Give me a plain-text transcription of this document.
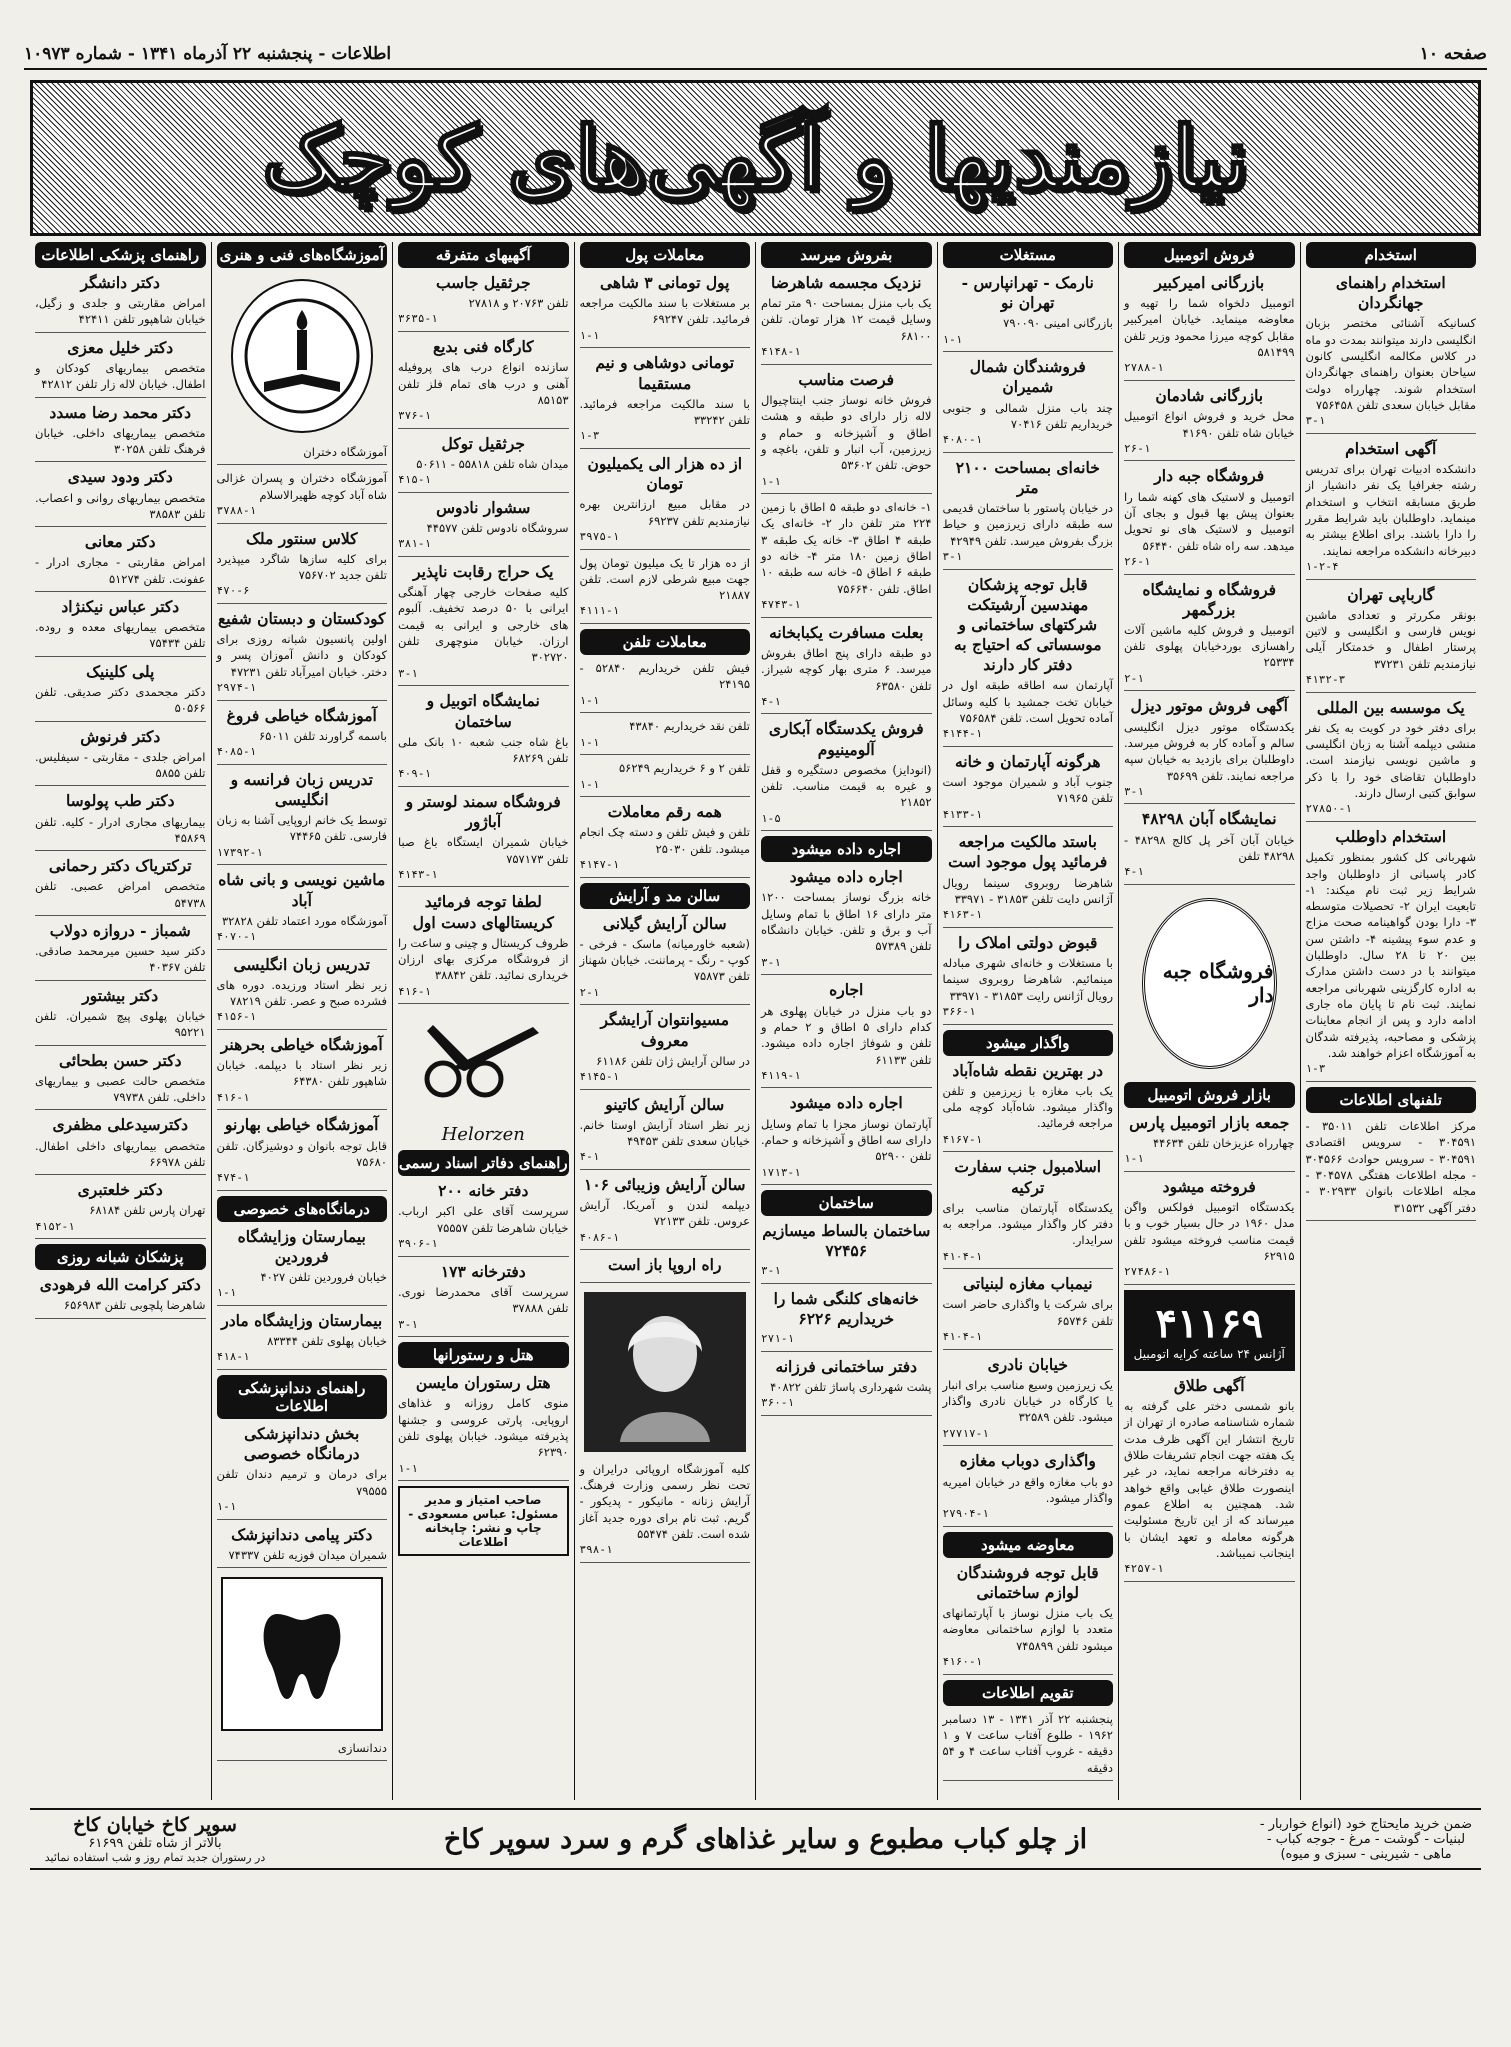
صفحه ۱۰
اطلاعات - پنجشنبه ۲۲ آذرماه ۱۳۴۱ - شماره ۱۰۹۷۳
نیازمندیها و آگهی‌های کوچک
استخدام
استخدام راهنمای جهانگردان
کسانیکه آشنائی مختصر بزبان انگلیسی دارند میتوانند بمدت دو ماه در کلاس مکالمه انگلیسی کانون سیاحان بعنوان راهنمای جهانگردان استخدام شوند. چهارراه دولت مقابل خیابان سعدی تلفن ۷۵۶۴۵۸
۳-۱
آگهی استخدام
دانشکده ادبیات تهران برای تدریس رشته جغرافیا یک نفر دانشیار از طریق مسابقه انتخاب و استخدام مینماید. داوطلبان باید شرایط مقرر را دارا باشند. برای اطلاع بیشتر به دبیرخانه دانشکده مراجعه نمایند.
۱-۲-۴
گارباپی تهران
بونقر مکررتر و تعدادی ماشین نویس فارسی و انگلیسی و لاتین پرستار اطفال و خدمتکار آیلی نیازمندیم تلفن ۳۷۲۳۱
۴۱۳۲-۳
یک موسسه بین المللی
برای دفتر خود در کویت به یک نفر منشی دیپلمه آشنا به زبان انگلیسی و ماشین نویسی نیازمند است. داوطلبان تقاضای خود را با ذکر سوابق کتبی ارسال دارند.
۲۷۸۵۰-۱
استخدام داوطلب
شهربانی کل کشور بمنظور تکمیل کادر پاسبانی از داوطلبان واجد شرایط زیر ثبت نام میکند: ۱- تابعیت ایران ۲- تحصیلات متوسطه ۳- دارا بودن گواهینامه صحت مزاج و عدم سوء پیشینه ۴- داشتن سن بین ۲۰ تا ۲۸ سال. داوطلبان میتوانند با در دست داشتن مدارک به اداره کارگزینی شهربانی مراجعه نمایند. ثبت نام تا پایان ماه جاری ادامه دارد و پس از انجام معاینات پزشکی و مصاحبه، پذیرفته شدگان به آموزشگاه اعزام خواهند شد.
۱-۳
تلفنهای اطلاعات
مرکز اطلاعات تلفن ۳۵۰۱۱ - ۳۰۴۵۹۱ - سرویس اقتصادی ۳۰۴۵۹۱ - سرویس حوادث ۳۰۴۵۶۶ - مجله اطلاعات هفتگی ۳۰۴۵۷۸ - مجله اطلاعات بانوان ۳۰۲۹۳۳ - دفتر آگهی ۳۱۵۳۲
فروش اتومبیل
بازرگانی امیرکبیر
اتومبیل دلخواه شما را تهیه و معاوضه مینماید. خیابان امیرکبیر مقابل کوچه میرزا محمود وزیر تلفن ۵۸۱۴۹۹
۲۷۸۸-۱
بازرگانی شادمان
محل خرید و فروش انواع اتومبیل خیابان شاه تلفن ۴۱۶۹۰
۲۶-۱
فروشگاه جبه دار
اتومبیل و لاستیک های کهنه شما را بعنوان پیش بها قبول و بجای آن اتومبیل و لاستیک های نو تحویل میدهد. سه راه شاه تلفن ۵۶۴۴۰
۲۶-۱
فروشگاه و نمایشگاه بزرگمهر
اتومبیل و فروش کلیه ماشین آلات راهسازی بوردخیابان پهلوی تلفن ۲۵۳۳۴
۲-۱
آگهی فروش موتور دیزل
یکدستگاه موتور دیزل انگلیسی سالم و آماده کار به فروش میرسد. داوطلبان برای بازدید به خیابان سپه مراجعه نمایند. تلفن ۳۵۶۹۹
۳-۱
نمایشگاه آبان ۴۸۲۹۸
خیابان آبان آخر پل کالج ۴۸۲۹۸ - ۴۸۲۹۸ تلفن
۴-۱
فروشگاه جبه دار
بازار فروش اتومبیل
جمعه بازار اتومبیل پارس
چهارراه عزیزخان تلفن ۴۴۶۳۴
۱-۱
فروخته میشود
یکدستگاه اتومبیل فولکس واگن مدل ۱۹۶۰ در حال بسیار خوب و با قیمت مناسب فروخته میشود تلفن ۶۲۹۱۵
۲۷۴۸۶-۱
۴۱۱۶۹
آژانس ۲۴ ساعته کرایه اتومبیل
آگهی طلاق
بانو شمسی دختر علی گرفته به شماره شناسنامه صادره از تهران از تاریخ انتشار این آگهی ظرف مدت یک هفته جهت انجام تشریفات طلاق به دفترخانه مراجعه نماید، در غیر اینصورت طلاق غیابی واقع خواهد شد. همچنین به اطلاع عموم میرساند که از این تاریخ مسئولیت هرگونه معامله و تعهد ایشان با اینجانب نمیباشد.
۴۲۵۷-۱
مستغلات
نارمک - تهرانپارس - تهران نو
بازرگانی امینی ۷۹۰۰۹۰
۱-۱
فروشندگان شمال شمیران
چند باب منزل شمالی و جنوبی خریداریم تلفن ۷۰۴۱۶
۴۰۸۰-۱
خانه‌ای بمساحت ۲۱۰۰ متر
در خیابان پاستور با ساختمان قدیمی سه طبقه دارای زیرزمین و حیاط بزرگ بفروش میرسد. تلفن ۴۲۹۴۹
۳-۱
قابل توجه پزشکان مهندسین آرشیتکت شرکتهای ساختمانی و موسساتی که احتیاج به دفتر کار دارند
آپارتمان سه اطاقه طبقه اول در خیابان تخت جمشید با کلیه وسائل آماده تحویل است. تلفن ۷۵۶۵۸۴
۴۱۴۴-۱
هرگونه آپارتمان و خانه
جنوب آباد و شمیران موجود است تلفن ۷۱۹۶۵
۴۱۳۳-۱
باستد مالکیت مراجعه فرمائید پول موجود است
شاهرضا روبروی سینما رویال آژانس دایت تلفن ۳۱۸۵۳ - ۳۳۹۷۱
۴۱۶۳-۱
قبوض دولتی املاک را
با مستغلات و خانه‌ای شهری مبادله مینمائیم. شاهرضا روبروی سینما رویال آژانس رایت ۳۱۸۵۳ - ۳۳۹۷۱
۳۶۶-۱
واگذار میشود
در بهترین نقطه شاه‌آباد
یک باب مغازه با زیرزمین و تلفن واگذار میشود. شاه‌آباد کوچه ملی مراجعه فرمائید.
۴۱۶۷-۱
اسلامبول جنب سفارت ترکیه
یکدستگاه آپارتمان مناسب برای دفتر کار واگذار میشود. مراجعه به سرایدار.
۴۱۰۴-۱
نیمباب مغازه لبنیاتی
برای شرکت یا واگذاری حاضر است تلفن ۶۵۷۴۶
۴۱۰۴-۱
خیابان نادری
یک زیرزمین وسیع مناسب برای انبار یا کارگاه در خیابان نادری واگذار میشود. تلفن ۳۲۵۸۹
۲۷۷۱۷-۱
واگذاری دوباب مغازه
دو باب مغازه واقع در خیابان امیریه واگذار میشود.
۲۷۹۰۴-۱
معاوضه میشود
قابل توجه فروشندگان لوازم ساختمانی
یک باب منزل نوساز با آپارتمانهای متعدد با لوازم ساختمانی معاوضه میشود تلفن ۷۴۵۸۹۹
۴۱۶۰-۱
تقویم اطلاعات
پنجشنبه ۲۲ آذر ۱۳۴۱ - ۱۳ دسامبر ۱۹۶۲ - طلوع آفتاب ساعت ۷ و ۱ دقیقه - غروب آفتاب ساعت ۴ و ۵۴ دقیقه
بفروش میرسد
نزدیک مجسمه شاهرضا
یک باب منزل بمساحت ۹۰ متر تمام وسایل قیمت ۱۲ هزار تومان. تلفن ۶۸۱۰۰
۴۱۴۸-۱
فرصت مناسب
فروش خانه نوساز جنب اینتاچیوال لاله زار دارای دو طبقه و هشت اطاق و آشپزخانه و حمام و زیرزمین، آب انبار و تلفن، باغچه و حوض. تلفن ۵۳۶۰۲
۱-۱
۱- خانه‌ای دو طبقه ۵ اطاق با زمین ۲۲۴ متر تلفن دار ۲- خانه‌ای یک طبقه ۴ اطاق ۳- خانه یک طبقه ۳ اطاق زمین ۱۸۰ متر ۴- خانه دو طبقه ۶ اطاق ۵- خانه سه طبقه ۱۰ اطاق. تلفن ۷۵۶۶۴۰
۴۷۴۳-۱
بعلت مسافرت یکبابخانه
دو طبقه دارای پنج اطاق بفروش میرسد. ۶ متری بهار کوچه شیراز. تلفن ۶۳۵۸۰
۴-۱
فروش یکدستگاه آبکاری آلومینیوم
(انودایز) مخصوص دستگیره و قفل و غیره به قیمت مناسب. تلفن ۲۱۸۵۲
۱-۵
اجاره داده میشود
اجاره داده میشود
خانه بزرگ نوساز بمساحت ۱۲۰۰ متر دارای ۱۶ اطاق با تمام وسایل آب و برق و تلفن. خیابان دانشگاه تلفن ۵۷۳۸۹
۳-۱
اجاره
دو باب منزل در خیابان پهلوی هر کدام دارای ۵ اطاق و ۲ حمام و تلفن و شوفاژ اجاره داده میشود. تلفن ۶۱۱۳۳
۴۱۱۹-۱
اجاره داده میشود
آپارتمان نوساز مجزا با تمام وسایل دارای سه اطاق و آشپزخانه و حمام. تلفن ۵۲۹۰۰
۱۷۱۳-۱
ساختمان
ساختمان بالساط میسازیم ۷۲۴۵۶
۳-۱
خانه‌های کلنگی شما را خریداریم ۶۲۲۶
۲۷۱-۱
دفتر ساختمانی فرزانه
پشت شهرداری پاساژ تلفن ۴۰۸۲۲
۳۶۰-۱
معاملات پول
پول تومانی ۳ شاهی
بر مستغلات با سند مالکیت مراجعه فرمائید. تلفن ۶۹۲۴۷
۱-۱
تومانی دوشاهی و نیم مستقیما
با سند مالکیت مراجعه فرمائید. تلفن ۳۳۲۴۲
۱-۳
از ده هزار الی یکمیلیون تومان
در مقابل مبیع ارزانترین بهره نیازمندیم تلفن ۶۹۲۳۷
۳۹۷۵-۱
از ده هزار تا یک میلیون تومان پول جهت مبیع شرطی لازم است. تلفن ۲۱۸۸۷
۴۱۱۱-۱
معاملات تلفن
فیش تلفن خریداریم ۵۲۸۴۰ - ۲۴۱۹۵
۱-۱
تلفن نقد خریداریم ۴۳۸۴۰
۱-۱
تلفن ۲ و ۶ خریداریم ۵۶۲۴۹
۱-۱
همه رقم معاملات
تلفن و فیش تلفن و دسته چک انجام میشود. تلفن ۲۵۰۳۰
۴۱۴۷-۱
سالن مد و آرایش
سالن آرایش گیلانی
(شعبه خاورمیانه) ماسک - فرخی - کوپ - رنگ - پرماننت. خیابان شهناز تلفن ۷۵۸۷۳
۲-۱
مسیوانتوان آرایشگر معروف
در سالن آرایش ژان تلفن ۶۱۱۸۶
۴۱۴۵-۱
سالن آرایش کاتینو
زیر نظر استاد آرایش اوستا خانم. خیابان سعدی تلفن ۴۹۴۵۳
۴-۱
سالن آرایش وزیبائی ۱۰۶
دیپلمه لندن و آمریکا. آرایش عروس. تلفن ۷۲۱۳۳
۴۰۸۶-۱
راه اروپا باز است
کلیه آموزشگاه اروپائی درایران و تحت نظر رسمی وزارت فرهنگ. آرایش زنانه - مانیکور - پدیکور - گریم. ثبت نام برای دوره جدید آغاز شده است. تلفن ۵۵۴۷۴
۳۹۸-۱
آگهیهای متفرقه
جرثقیل جاسب
تلفن ۲۰۷۶۳ و ۲۷۸۱۸
۳۶۳۵-۱
کارگاه فنی بدیع
سازنده انواع درب های پروفیله آهنی و درب های تمام فلز تلفن ۸۵۱۵۳
۳۷۶-۱
جرثقیل توکل
میدان شاه تلفن ۵۵۸۱۸ - ۵۰۶۱۱
۴۱۵-۱
سشوار نادوس
سروشگاه نادوس تلفن ۴۴۵۷۷
۳۸۱-۱
یک حراج رقابت ناپذیر
کلیه صفحات خارجی چهار آهنگی ایرانی با ۵۰ درصد تخفیف. آلبوم های خارجی و ایرانی به قیمت ارزان. خیابان منوچهری تلفن ۳۰۲۷۲۰
۳-۱
نمایشگاه اتوبیل و ساختمان
باغ شاه جنب شعبه ۱۰ بانک ملی تلفن ۶۸۲۶۹
۴۰۹-۱
فروشگاه سمند لوستر و آباژور
خیابان شمیران ایستگاه باغ صبا تلفن ۷۵۷۱۷۳
۴۱۴۳-۱
لطفا توجه فرمائید کریستالهای دست اول
ظروف کریستال و چینی و ساعت را از فروشگاه مرکزی بهای ارزان خریداری نمائید. تلفن ۳۸۸۴۲
۴۱۶-۱
Helorzen
راهنمای دفاتر اسناد رسمی
دفتر خانه ۲۰۰
سرپرست آقای علی اکبر ارباب. خیابان شاهرضا تلفن ۷۵۵۵۷
۳۹۰۶-۱
دفترخانه ۱۷۳
سرپرست آقای محمدرضا نوری. تلفن ۳۷۸۸۸
۳-۱
هتل و رستورانها
هتل رستوران مایسن
منوی کامل روزانه و غذاهای اروپایی. پارتی عروسی و جشنها پذیرفته میشود. خیابان پهلوی تلفن ۶۲۳۹۰
۱-۱
صاحب امتیاز و مدیر مسئول: عباس مسعودی - چاپ و نشر: چاپخانه اطلاعات
آموزشگاه‌های فنی و هنری
آموزشگاه دختران
آموزشگاه دختران و پسران غزالی شاه آباد کوچه ظهیرالاسلام
۳۷۸۸-۱
کلاس سنتور ملک
برای کلیه سازها شاگرد میپذیرد تلفن جدید ۷۵۶۷۰۲
۴۷۰-۶
کودکستان و دبستان شفیع
اولین پانسیون شبانه روزی برای کودکان و دانش آموزان پسر و دختر. خیابان امیرآباد تلفن ۴۷۲۳۱
۲۹۷۴-۱
آموزشگاه خیاطی فروغ
باسمه گراورند تلفن ۶۵۰۱۱
۴۰۸۵-۱
تدریس زبان فرانسه و انگلیسی
توسط یک خانم اروپایی آشنا به زبان فارسی. تلفن ۷۴۴۶۵
۱۷۳۹۲-۱
ماشین نویسی و بانی شاه آباد
آموزشگاه مورد اعتماد تلفن ۳۲۸۲۸
۴۰۷۰-۱
تدریس زبان انگلیسی
زیر نظر استاد ورزیده. دوره های فشرده صبح و عصر. تلفن ۷۸۲۱۹
۴۱۵۶-۱
آموزشگاه خیاطی بحرهنر
زیر نظر استاد با دیپلمه. خیابان شاهپور تلفن ۶۴۳۸۰
۴۱۶-۱
آموزشگاه خیاطی بهارنو
قابل توجه بانوان و دوشیزگان. تلفن ۷۵۶۸۰
۴۷۴-۱
درمانگاه‌های خصوصی
بیمارستان وزایشگاه فروردین
خیابان فروردین تلفن ۴۰۲۷
۱-۱
بیمارستان وزایشگاه مادر
خیابان پهلوی تلفن ۸۳۳۴۴
۴۱۸-۱
راهنمای دندانپزشکی اطلاعات
بخش دندانپزشکی درمانگاه خصوصی
برای درمان و ترمیم دندان تلفن ۷۹۵۵۵
۱-۱
دکتر پیامی دندانپزشک
شمیران میدان فوزیه تلفن ۷۴۳۳۷
دندانسازی
راهنمای پزشکی اطلاعات
دکتر دانشگر
امراض مقاربتی و جلدی و زگیل، خیابان شاهپور تلفن ۴۲۴۱۱
دکتر خلیل معزی
متخصص بیماریهای کودکان و اطفال. خیابان لاله زار تلفن ۴۲۸۱۲
دکتر محمد رضا مسدد
متخصص بیماریهای داخلی. خیابان فرهنگ تلفن ۳۰۲۵۸
دکتر ودود سیدی
متخصص بیماریهای روانی و اعصاب. تلفن ۳۸۵۸۳
دکتر معانی
امراض مقاربتی - مجاری ادرار - عفونت. تلفن ۵۱۲۷۴
دکتر عباس نیکنژاد
متخصص بیماریهای معده و روده. تلفن ۷۵۴۳۴
پلی کلینیک
دکتر مجحمدی دکتر صدیقی. تلفن ۵۰۵۶۶
دکتر فرنوش
امراض جلدی - مقاربتی - سیفلیس. تلفن ۵۸۵۵
دکتر طب پولوسا
بیماریهای مجاری ادرار - کلیه. تلفن ۴۵۸۶۹
ترکتریاک دکتر رحمانی
متخصص امراض عصبی. تلفن ۵۴۷۳۸
شمباز - دروازه دولاب
دکتر سید حسین میرمحمد صادقی. تلفن ۴۰۳۶۷
دکتر بیشتور
خیابان پهلوی پیچ شمیران. تلفن ۹۵۲۲۱
دکتر حسن بطحائی
متخصص حالت عصبی و بیماریهای داخلی. تلفن ۷۹۷۳۸
دکترسیدعلی مظفری
متخصص بیماریهای داخلی اطفال. تلفن ۶۶۹۷۸
دکتر خلعتبری
تهران پارس تلفن ۶۸۱۸۴
۴۱۵۲-۱
پزشکان شبانه روزی
دکتر کرامت الله فرهودی
شاهرضا پلچوبی تلفن ۶۵۶۹۸۳
ضمن خرید مایحتاج خود (انواع خواربار - لبنیات - گوشت - مرغ - جوجه کباب - ماهی - شیرینی - سبزی و میوه)
از چلو کباب مطبوع و سایر غذاهای گرم و سرد سوپر کاخ
سوپر کاخ خیابان کاخ
بالاتر از شاه تلفن ۶۱۶۹۹
در رستوران جدید تمام روز و شب استفاده نمائید
